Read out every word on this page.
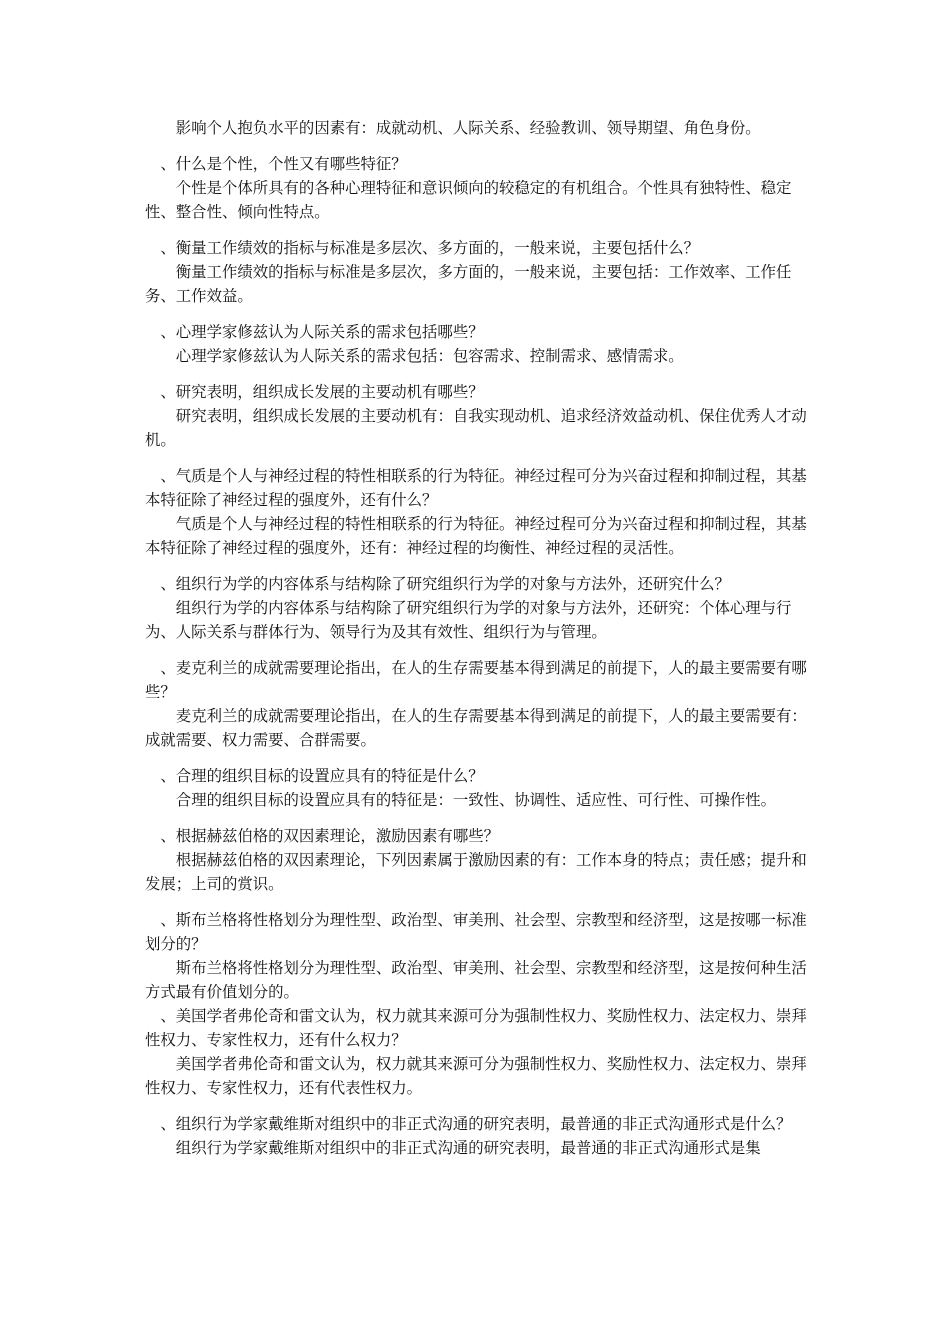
影响个人抱负水平的因素有：成就动机、人际关系、经验教训、领导期望、角色身份。

、什么是个性，个性又有哪些特征？

个性是个体所具有的各种心理特征和意识倾向的较稳定的有机组合。个性具有独特性、稳定性、整合性、倾向性特点。

、衡量工作绩效的指标与标准是多层次、多方面的，一般来说，主要包括什么？

衡量工作绩效的指标与标准是多层次，多方面的，一般来说，主要包括：工作效率、工作任务、工作效益。

、心理学家修兹认为人际关系的需求包括哪些？

心理学家修兹认为人际关系的需求包括：包容需求、控制需求、感情需求。

、研究表明，组织成长发展的主要动机有哪些？

研究表明，组织成长发展的主要动机有：自我实现动机、追求经济效益动机、保住优秀人才动机。

、气质是个人与神经过程的特性相联系的行为特征。神经过程可分为兴奋过程和抑制过程，其基本特征除了神经过程的强度外，还有什么？

气质是个人与神经过程的特性相联系的行为特征。神经过程可分为兴奋过程和抑制过程，其基本特征除了神经过程的强度外，还有：神经过程的均衡性、神经过程的灵活性。

、组织行为学的内容体系与结构除了研究组织行为学的对象与方法外，还研究什么？

组织行为学的内容体系与结构除了研究组织行为学的对象与方法外，还研究：个体心理与行为、人际关系与群体行为、领导行为及其有效性、组织行为与管理。

、麦克利兰的成就需要理论指出，在人的生存需要基本得到满足的前提下，人的最主要需要有哪些？

麦克利兰的成就需要理论指出，在人的生存需要基本得到满足的前提下，人的最主要需要有：成就需要、权力需要、合群需要。

、合理的组织目标的设置应具有的特征是什么？

合理的组织目标的设置应具有的特征是：一致性、协调性、适应性、可行性、可操作性。

、根据赫兹伯格的双因素理论，激励因素有哪些？

根据赫兹伯格的双因素理论，下列因素属于激励因素的有：工作本身的特点；责任感；提升和发展；上司的赏识。

、斯布兰格将性格划分为理性型、政治型、审美刑、社会型、宗教型和经济型，这是按哪一标准划分的？

斯布兰格将性格划分为理性型、政治型、审美刑、社会型、宗教型和经济型，这是按何种生活方式最有价值划分的。

、美国学者弗伦奇和雷文认为，权力就其来源可分为强制性权力、奖励性权力、法定权力、崇拜性权力、专家性权力，还有什么权力？

美国学者弗伦奇和雷文认为，权力就其来源可分为强制性权力、奖励性权力、法定权力、崇拜性权力、专家性权力，还有代表性权力。

、组织行为学家戴维斯对组织中的非正式沟通的研究表明，最普通的非正式沟通形式是什么？

组织行为学家戴维斯对组织中的非正式沟通的研究表明，最普通的非正式沟通形式是集
